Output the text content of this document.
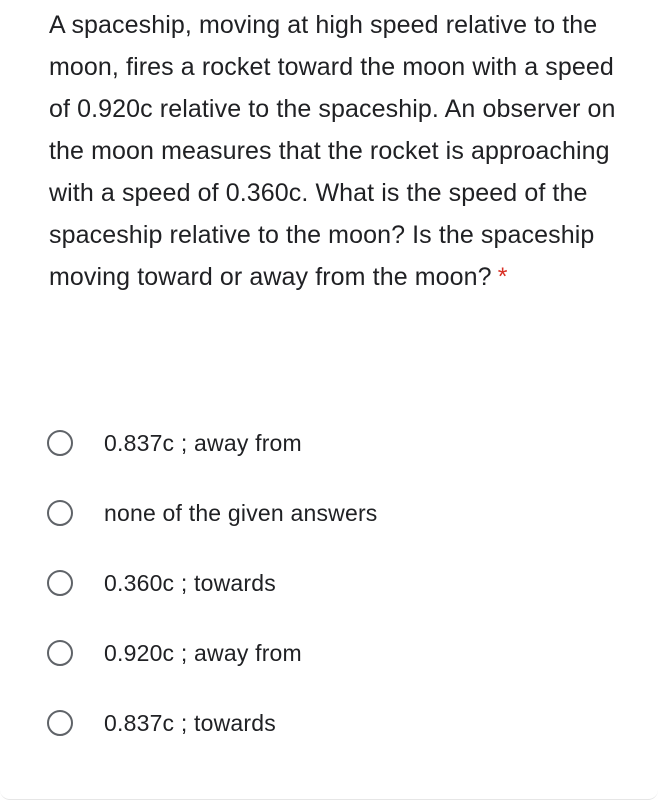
A spaceship, moving at high speed relative to the moon, fires a rocket toward the moon with a speed of 0.920c relative to the spaceship. An observer on the moon measures that the rocket is approaching with a speed of 0.360c. What is the speed of the spaceship relative to the moon? Is the spaceship moving toward or away from the moon? *
0.837c ; away from
none of the given answers
0.360c ; towards
0.920c ; away from
0.837c ; towards
